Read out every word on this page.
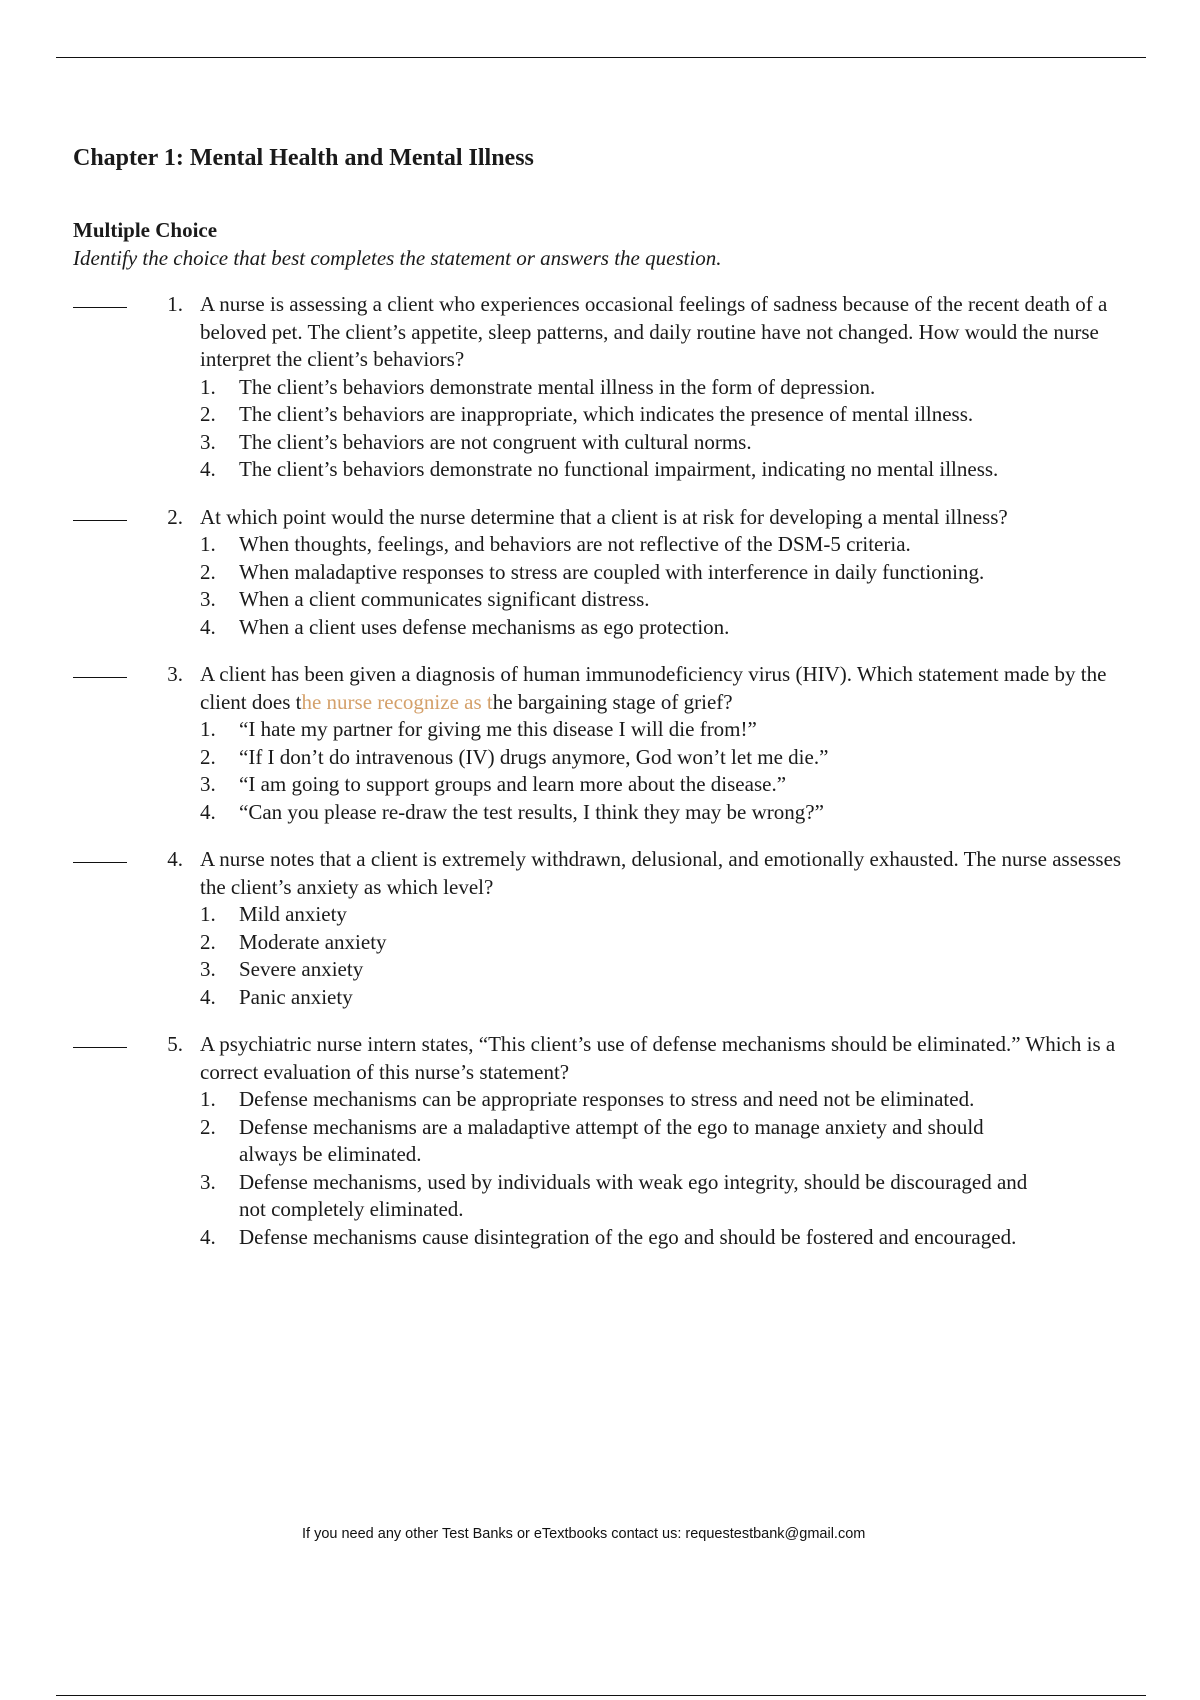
Chapter 1: Mental Health and Mental Illness
Multiple Choice

Identify the choice that best completes the statement or answers the question.

1. A nurse is assessing a client who experiences occasional feelings of sadness because of the recent death of a beloved pet. The client’s appetite, sleep patterns, and daily routine have not changed. How would the nurse interpret the client’s behaviors?
1. The client’s behaviors demonstrate mental illness in the form of depression.
2. The client’s behaviors are inappropriate, which indicates the presence of mental illness.
3. The client’s behaviors are not congruent with cultural norms.
4. The client’s behaviors demonstrate no functional impairment, indicating no mental illness.
2. At which point would the nurse determine that a client is at risk for developing a mental illness?
1. When thoughts, feelings, and behaviors are not reflective of the DSM-5 criteria.
2. When maladaptive responses to stress are coupled with interference in daily functioning.
3. When a client communicates significant distress.
4. When a client uses defense mechanisms as ego protection.
3. A client has been given a diagnosis of human immunodeficiency virus (HIV). Which statement made by the client does the nurse recognize as the bargaining stage of grief?
1. “I hate my partner for giving me this disease I will die from!”
2. “If I don’t do intravenous (IV) drugs anymore, God won’t let me die.”
3. “I am going to support groups and learn more about the disease.”
4. “Can you please re-draw the test results, I think they may be wrong?”
4. A nurse notes that a client is extremely withdrawn, delusional, and emotionally exhausted. The nurse assesses the client’s anxiety as which level?
1. Mild anxiety
2. Moderate anxiety
3. Severe anxiety
4. Panic anxiety
5. A psychiatric nurse intern states, “This client’s use of defense mechanisms should be eliminated.” Which is a correct evaluation of this nurse’s statement?
1. Defense mechanisms can be appropriate responses to stress and need not be eliminated.
2. Defense mechanisms are a maladaptive attempt of the ego to manage anxiety and should always be eliminated.
3. Defense mechanisms, used by individuals with weak ego integrity, should be discouraged and not completely eliminated.
4. Defense mechanisms cause disintegration of the ego and should be fostered and encouraged.
If you need any other Test Banks or eTextbooks contact us: requestestbank@gmail.com
